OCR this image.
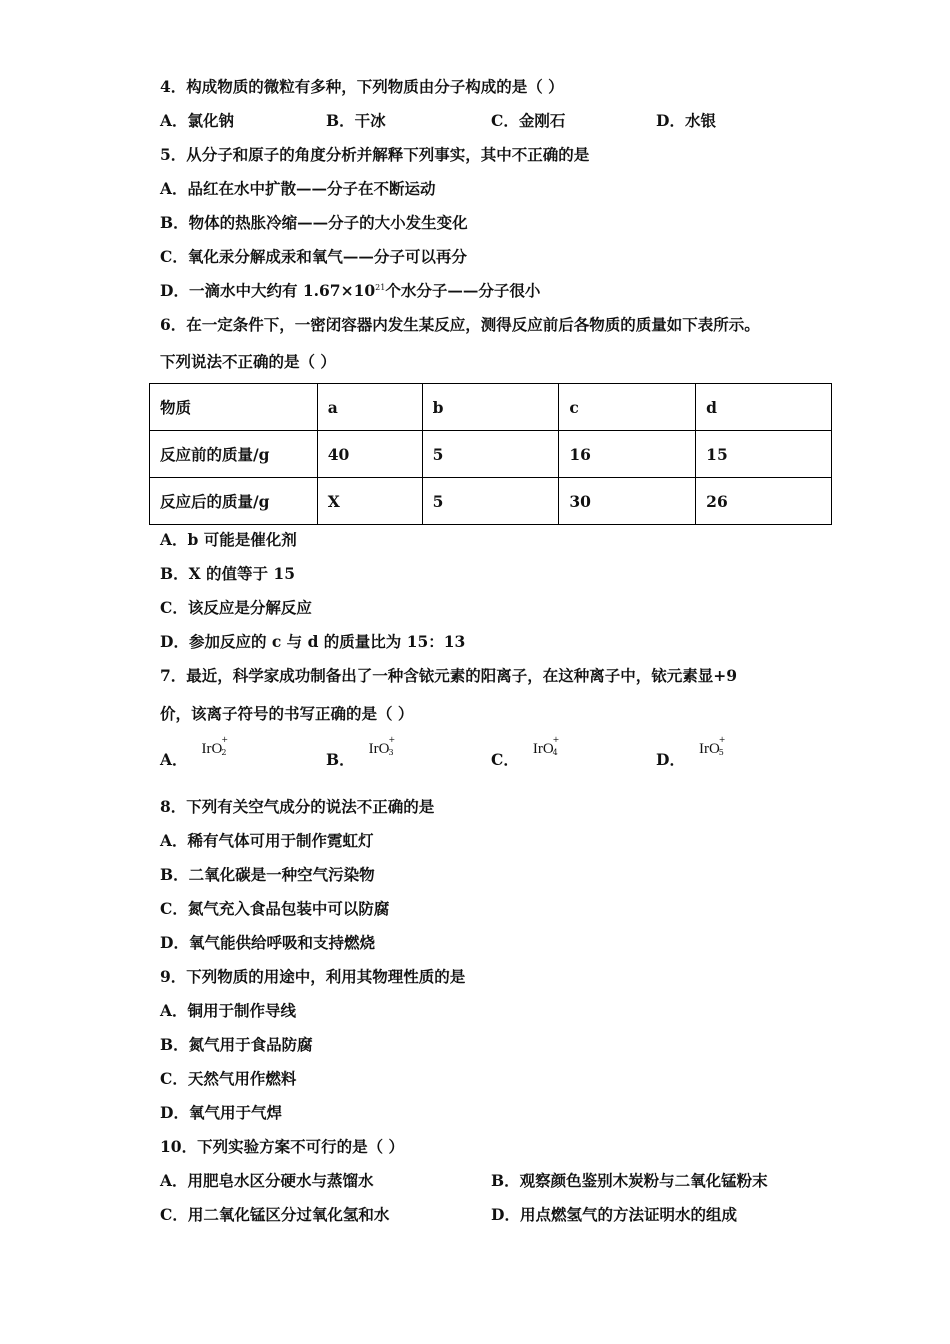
4．构成物质的微粒有多种，下列物质由分子构成的是（ ）
A．氯化钠	B．干冰	C．金刚石	D．水银
5．从分子和原子的角度分析并解释下列事实，其中不正确的是
A．品红在水中扩散——分子在不断运动
B．物体的热胀冷缩——分子的大小发生变化
C．氧化汞分解成汞和氧气——分子可以再分
D．一滴水中大约有 $1.67\times 10^{21}$个水分子——分子很小
6．在一定条件下，一密闭容器内发生某反应，测得反应前后各物质的质量如下表所示。
下列说法不正确的是（ ）
物质	a	b	c	d
反应前的质量/g	40	5	16	15
反应后的质量/g	X	5	30	26
A．b 可能是催化剂
B．X 的值等于 15
C．该反应是分解反应
D．参加反应的 c 与 d 的质量比为 15：13
7．最近，科学家成功制备出了一种含铱元素的阳离子，在这种离子中，铱元素显+9
价，该离子符号的书写正确的是（ ）
A．IrO
+
2	B．IrO
+
3	C．IrO
+
4	D．IrO
+
5
8．下列有关空气成分的说法不正确的是
A．稀有气体可用于制作霓虹灯
B．二氧化碳是一种空气污染物
C．氮气充入食品包装中可以防腐
D．氧气能供给呼吸和支持燃烧
9．下列物质的用途中，利用其物理性质的是
A．铜用于制作导线
B．氮气用于食品防腐
C．天然气用作燃料
D．氧气用于气焊
10．下列实验方案不可行的是（ ）
A．用肥皂水区分硬水与蒸馏水	B．观察颜色鉴别木炭粉与二氧化锰粉末
C．用二氧化锰区分过氧化氢和水	D．用点燃氢气的方法证明水的组成
